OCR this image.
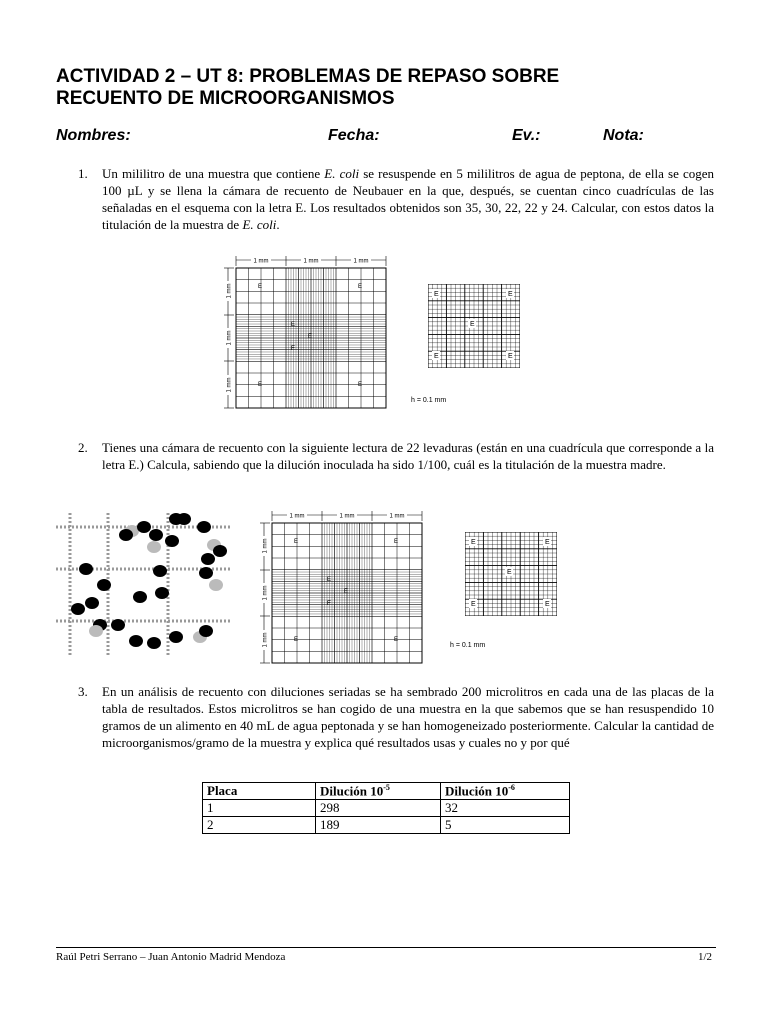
ACTIVIDAD 2 – UT 8: PROBLEMAS DE REPASO SOBRE
RECUENTO DE MICROORGANISMOS
Nombres:	Fecha:	Ev.:	Nota:
1. Un mililitro de una muestra que contiene E. coli se resuspende en 5 mililitros de agua de peptona, de ella se cogen 100 µL y se llena la cámara de recuento de Neubauer en la que, después, se cuentan cinco cuadrículas de las señaladas en el esquema con la letra E. Los resultados obtenidos son 35, 30, 22, 22 y 24. Calcular, con estos datos la titulación de la muestra de E. coli.
1 mm	1 mm	1 mm
1 mm
1 mm
1 mm
E	E
E
E
E
E	E
E	E
E
E	E
h = 0.1 mm
2. Tienes una cámara de recuento con la siguiente lectura de 22 levaduras (están en una cuadrícula que corresponde a la letra E.) Calcula, sabiendo que la dilución inoculada ha sido 1/100, cuál es la titulación de la muestra madre.
1 mm	1 mm	1 mm
1 mm
1 mm
1 mm
E	E
E
E
E
E	E
E	E
E
E	E
h = 0.1 mm
3. En un análisis de recuento con diluciones seriadas se ha sembrado 200 microlitros en cada una de las placas de la tabla de resultados. Estos microlitros se han cogido de una muestra en la que sabemos que se han resuspendido 10 gramos de un alimento en 40 mL de agua peptonada y se han homogeneizado posteriormente. Calcular la cantidad de microorganismos/gramo de la muestra y explica qué resultados usas y cuales no y por qué
Placa	Dilución $10^{-5}$	Dilución $10^{-6}$
1	298	32
2	189	5
Raúl Petri Serrano – Juan Antonio Madrid Mendoza	1/2
